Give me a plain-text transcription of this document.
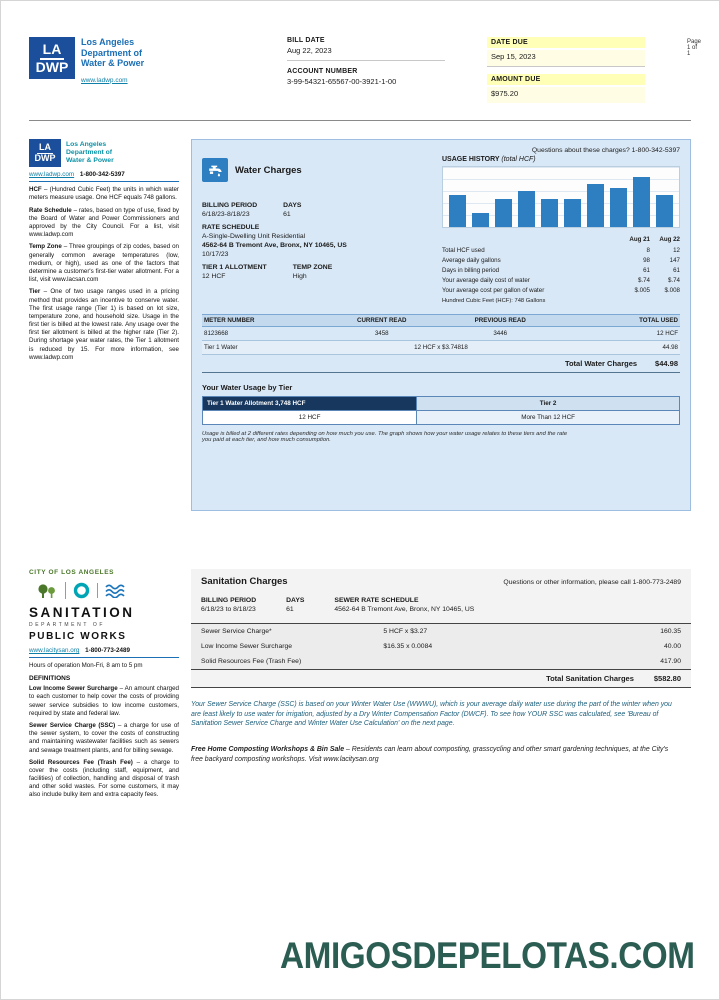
LA
DWP
Los Angeles
Department of
Water & Power
www.ladwp.com
BILL DATE
Aug 22, 2023
ACCOUNT NUMBER
3-99-54321-65567-00-3921-1-00
DATE DUE
Sep 15, 2023
AMOUNT DUE
$975.20
Page 1 of 1
LA
DWP
Los Angeles
Department of
Water & Power
www.ladwp.com 1-800-342-5397

HCF – (Hundred Cubic Feet) the units in which water meters measure usage. One HCF equals 748 gallons.

Rate Schedule – rates, based on type of use, fixed by the Board of Water and Power Commissioners and approved by the City Council. For a list, visit www.ladwp.com

Temp Zone – Three groupings of zip codes, based on generally common average temperatures (low, medium, or high), used as one of the factors that determine a customer's first-tier water allotment. For a list, visit www.lacsan.com

Tier – One of two usage ranges used in a pricing method that provides an incentive to conserve water. The first usage range (Tier 1) is based on lot size, temperature zone, and household size. Usage in the first tier is billed at the lowest rate. Any usage over the first tier allotment is billed at the higher rate (Tier 2). During shortage year water rates, the Tier 1 allotment is reduced by 15. For more information, see www.ladwp.com

Questions about these charges? 1-800-342-5397
Water Charges
BILLING PERIOD
6/18/23-8/18/23
DAYS
61
RATE SCHEDULE
A-Single-Dwelling Unit Residential
4562-64 B Tremont Ave, Bronx, NY 10465, US
10/17/23
TIER 1 ALLOTMENT
12 HCF
TEMP ZONE
High
USAGE HISTORY (total HCF)
Aug 21	Aug 22
Total HCF used	8	12
Average daily gallons	98	147
Days in billing period	61	61
Your average daily cost of water	$.74	$.74
Your average cost per gallon of water	$.005	$.008
Hundred Cubic Feet (HCF): 748 Gallons
METER NUMBER	CURRENT READ	PREVIOUS READ	TOTAL USED
8123668	3458	3446	12 HCF
Tier 1 Water	12 HCF x $3.74818	44.98
Total Water Charges $44.98
Your Water Usage by Tier
Tier 1 Water Allotment 3,748 HCF	Tier 2
12 HCF	More Than 12 HCF
Usage is billed at 2 different rates depending on how much you use. The graph shows how your water usage relates to these tiers and the rate you paid at each tier, and how much consumption.
CITY OF LOS ANGELES
SANITATION
DEPARTMENT OF
PUBLIC WORKS
www.lacitysan.org 1-800-773-2489

Hours of operation Mon-Fri, 8 am to 5 pm

DEFINITIONS

Low Income Sewer Surcharge – An amount charged to each customer to help cover the costs of providing sewer service subsidies to low income customers, required by state and federal law.

Sewer Service Charge (SSC) – a charge for use of the sewer system, to cover the costs of constructing and maintaining wastewater facilities such as sewers and sewage treatment plants, and for billing sewage.

Solid Resources Fee (Trash Fee) – a charge to cover the costs (including staff, equipment, and facilities) of collection, handling and disposal of trash and other solid wastes. For some customers, it may also include bulky item and extra capacity fees.

Sanitation Charges	Questions or other information, please call 1-800-773-2489
BILLING PERIOD
6/18/23 to 8/18/23
DAYS
61
SEWER RATE SCHEDULE
4562-64 B Tremont Ave, Bronx, NY 10465, US
Sewer Service Charge*	5 HCF x $3.27	160.35
Low Income Sewer Surcharge	$16.35 x 0.0084	40.00
Solid Resources Fee (Trash Fee)	417.90
Total Sanitation Charges	$582.80

Your Sewer Service Charge (SSC) is based on your Winter Water Use (WWWU), which is your average daily water use during the part of the winter when you are least likely to use water for irrigation, adjusted by a Dry Winter Compensation Factor (DWCF). To see how YOUR SSC was calculated, see 'Bureau of Sanitation Sewer Service Charge and Winter Water Use Calculation' on the next page.

Free Home Composting Workshops & Bin Sale – Residents can learn about composting, grasscycling and other smart gardening techniques, at the City's free backyard composting workshops. Visit www.lacitysan.org

AMIGOSDEPELOTAS.COM
